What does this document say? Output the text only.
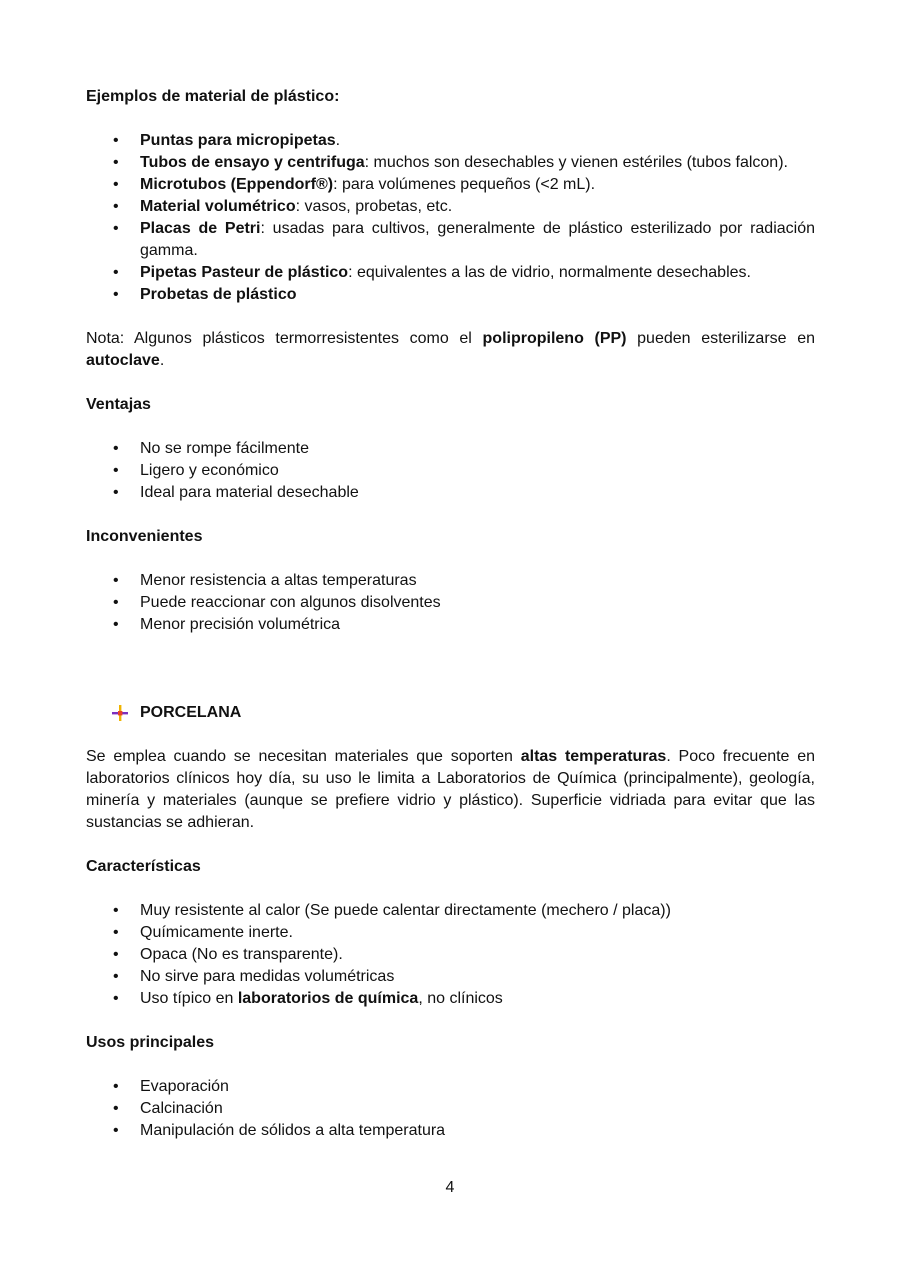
Ejemplos de material de plástico:

• Puntas para micropipetas.
• Tubos de ensayo y centrifuga: muchos son desechables y vienen estériles (tubos falcon).
• Microtubos (Eppendorf®): para volúmenes pequeños (<2 mL).
• Material volumétrico: vasos, probetas, etc.
• Placas de Petri: usadas para cultivos, generalmente de plástico esterilizado por radiación gamma.
• Pipetas Pasteur de plástico: equivalentes a las de vidrio, normalmente desechables.
• Probetas de plástico

Nota: Algunos plásticos termorresistentes como el polipropileno (PP) pueden esterilizarse en autoclave.

Ventajas

• No se rompe fácilmente
• Ligero y económico
• Ideal para material desechable

Inconvenientes

• Menor resistencia a altas temperaturas
• Puede reaccionar con algunos disolventes
• Menor precisión volumétrica

PORCELANA

Se emplea cuando se necesitan materiales que soporten altas temperaturas. Poco frecuente en laboratorios clínicos hoy día, su uso le limita a Laboratorios de Química (principalmente), geología, minería y materiales (aunque se prefiere vidrio y plástico). Superficie vidriada para evitar que las sustancias se adhieran.

Características

• Muy resistente al calor (Se puede calentar directamente (mechero / placa))
• Químicamente inerte.
• Opaca (No es transparente).
• No sirve para medidas volumétricas
• Uso típico en laboratorios de química, no clínicos

Usos principales

• Evaporación
• Calcinación
• Manipulación de sólidos a alta temperatura
4
